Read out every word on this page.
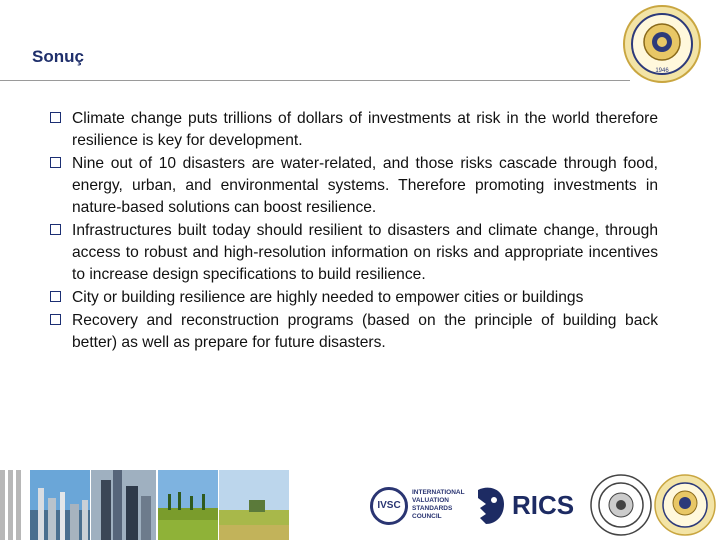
Sonuç
1946
Climate change puts trillions of dollars of investments at risk in the world therefore resilience is key for development.
Nine out of 10 disasters are water-related, and those risks cascade through food, energy, urban, and environmental systems. Therefore promoting investments in nature-based solutions can boost resilience.
Infrastructures built today should resilient to disasters and climate change, through access to robust and high-resolution information on risks and appropriate incentives to increase design specifications to build resilience.
City or building resilience are highly needed to empower cities or buildings
Recovery and reconstruction programs (based on the principle of building back better) as well as prepare for future disasters.
IVSC
INTERNATIONAL VALUATION STANDARDS COUNCIL	RICS
